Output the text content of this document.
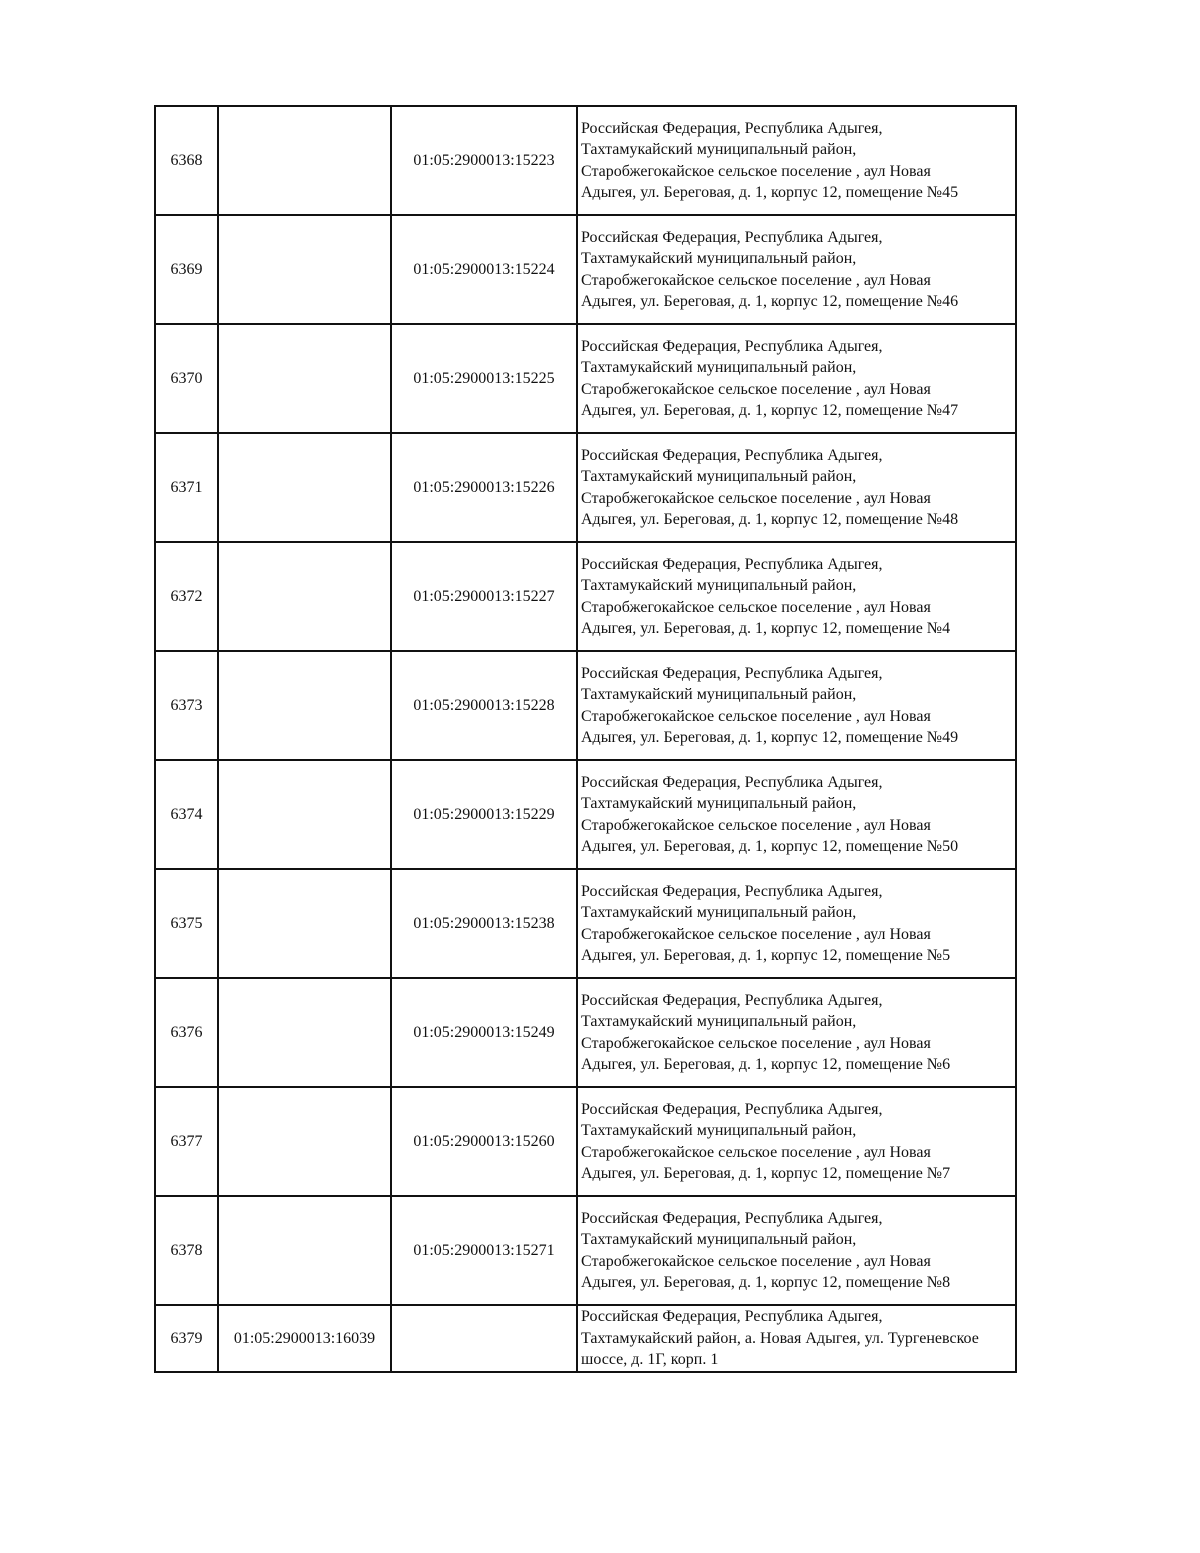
6368		01:05:2900013:15223	Российская Федерация, Республика Адыгея,
Тахтамукайский муниципальный район,
Старобжегокайское сельское поселение , аул Новая
Адыгея, ул. Береговая, д. 1, корпус 12, помещение №45
6369		01:05:2900013:15224	Российская Федерация, Республика Адыгея,
Тахтамукайский муниципальный район,
Старобжегокайское сельское поселение , аул Новая
Адыгея, ул. Береговая, д. 1, корпус 12, помещение №46
6370		01:05:2900013:15225	Российская Федерация, Республика Адыгея,
Тахтамукайский муниципальный район,
Старобжегокайское сельское поселение , аул Новая
Адыгея, ул. Береговая, д. 1, корпус 12, помещение №47
6371		01:05:2900013:15226	Российская Федерация, Республика Адыгея,
Тахтамукайский муниципальный район,
Старобжегокайское сельское поселение , аул Новая
Адыгея, ул. Береговая, д. 1, корпус 12, помещение №48
6372		01:05:2900013:15227	Российская Федерация, Республика Адыгея,
Тахтамукайский муниципальный район,
Старобжегокайское сельское поселение , аул Новая
Адыгея, ул. Береговая, д. 1, корпус 12, помещение №4
6373		01:05:2900013:15228	Российская Федерация, Республика Адыгея,
Тахтамукайский муниципальный район,
Старобжегокайское сельское поселение , аул Новая
Адыгея, ул. Береговая, д. 1, корпус 12, помещение №49
6374		01:05:2900013:15229	Российская Федерация, Республика Адыгея,
Тахтамукайский муниципальный район,
Старобжегокайское сельское поселение , аул Новая
Адыгея, ул. Береговая, д. 1, корпус 12, помещение №50
6375		01:05:2900013:15238	Российская Федерация, Республика Адыгея,
Тахтамукайский муниципальный район,
Старобжегокайское сельское поселение , аул Новая
Адыгея, ул. Береговая, д. 1, корпус 12, помещение №5
6376		01:05:2900013:15249	Российская Федерация, Республика Адыгея,
Тахтамукайский муниципальный район,
Старобжегокайское сельское поселение , аул Новая
Адыгея, ул. Береговая, д. 1, корпус 12, помещение №6
6377		01:05:2900013:15260	Российская Федерация, Республика Адыгея,
Тахтамукайский муниципальный район,
Старобжегокайское сельское поселение , аул Новая
Адыгея, ул. Береговая, д. 1, корпус 12, помещение №7
6378		01:05:2900013:15271	Российская Федерация, Республика Адыгея,
Тахтамукайский муниципальный район,
Старобжегокайское сельское поселение , аул Новая
Адыгея, ул. Береговая, д. 1, корпус 12, помещение №8
6379	01:05:2900013:16039		Российская Федерация, Республика Адыгея,
Тахтамукайский район, а. Новая Адыгея, ул. Тургеневское
шоссе, д. 1Г, корп. 1
